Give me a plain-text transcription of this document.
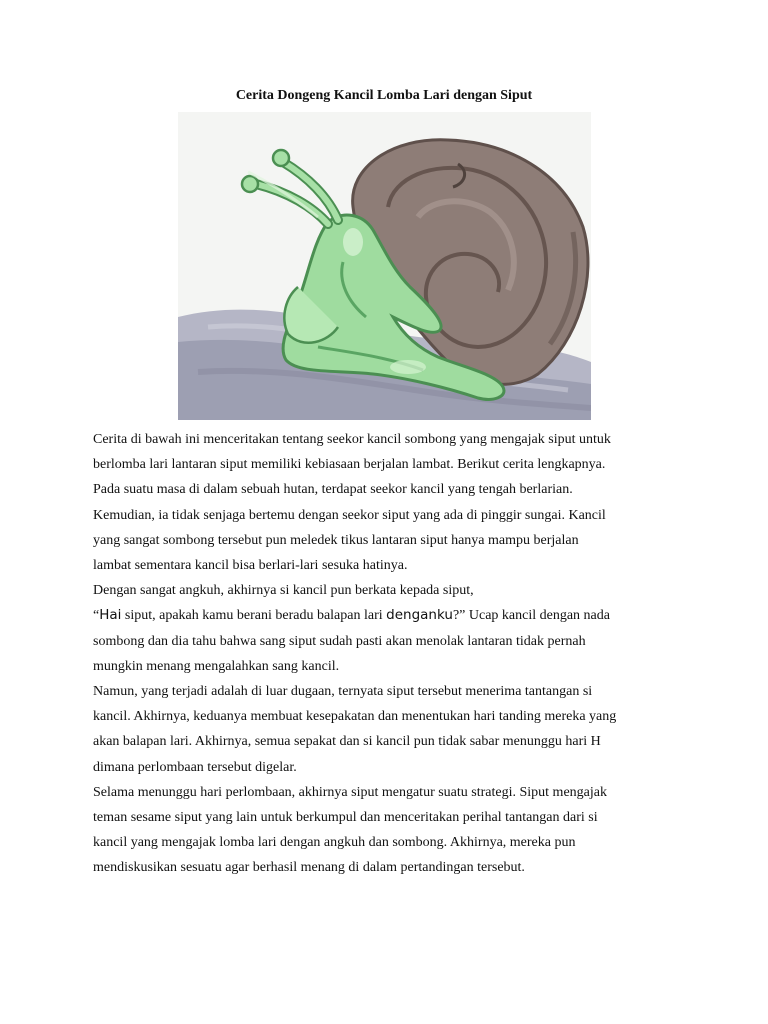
Cerita Dongeng Kancil Lomba Lari dengan Siput

Cerita di bawah ini menceritakan tentang seekor kancil sombong yang mengajak siput untuk

berlomba lari lantaran siput memiliki kebiasaan berjalan lambat. Berikut cerita lengkapnya.

Pada suatu masa di dalam sebuah hutan, terdapat seekor kancil yang tengah berlarian.

Kemudian, ia tidak senjaga bertemu dengan seekor siput yang ada di pinggir sungai. Kancil

yang sangat sombong tersebut pun meledek tikus lantaran siput hanya mampu berjalan

lambat sementara kancil bisa berlari-lari sesuka hatinya.

Dengan sangat angkuh, akhirnya si kancil pun berkata kepada siput,

“Hai siput, apakah kamu berani beradu balapan lari denganku?” Ucap kancil dengan nada

sombong dan dia tahu bahwa sang siput sudah pasti akan menolak lantaran tidak pernah

mungkin menang mengalahkan sang kancil.

Namun, yang terjadi adalah di luar dugaan, ternyata siput tersebut menerima tantangan si

kancil. Akhirnya, keduanya membuat kesepakatan dan menentukan hari tanding mereka yang

akan balapan lari. Akhirnya, semua sepakat dan si kancil pun tidak sabar menunggu hari H

dimana perlombaan tersebut digelar.

Selama menunggu hari perlombaan, akhirnya siput mengatur suatu strategi. Siput mengajak

teman sesame siput yang lain untuk berkumpul dan menceritakan perihal tantangan dari si

kancil yang mengajak lomba lari dengan angkuh dan sombong. Akhirnya, mereka pun

mendiskusikan sesuatu agar berhasil menang di dalam pertandingan tersebut.
